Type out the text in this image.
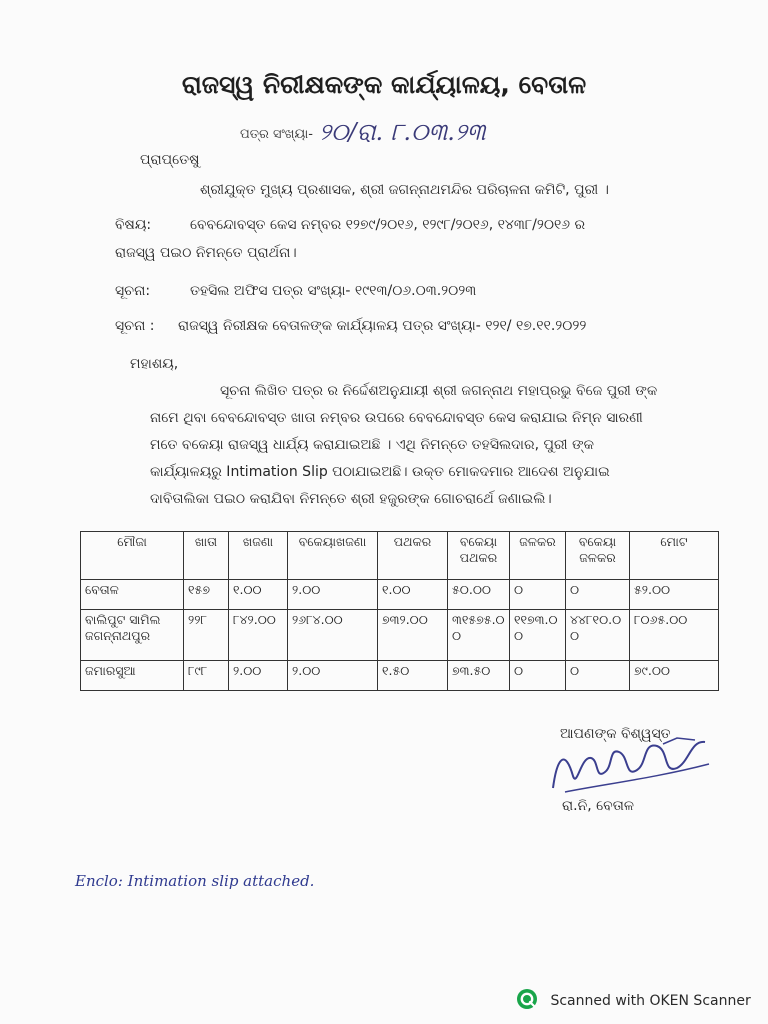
ରାଜସ୍ୱ ନିରୀକ୍ଷକଙ୍କ କାର୍ଯ୍ୟାଳୟ, ବେତାଳ
ପତ୍ର ସଂଖ୍ୟା- ୨୦/ରା. ୮.୦୩.୨୩
ପ୍ରାପ୍ତେଷୁ
ଶ୍ରୀଯୁକ୍ତ ମୁଖ୍ୟ ପ୍ରଶାସକ, ଶ୍ରୀ ଜଗନ୍ନାଥମନ୍ଦିର ପରିଚାଳନା କମିଟି, ପୁରୀ ।
ବିଷୟ:	ବେବନ୍ଦୋବସ୍ତ କେସ ନମ୍ବର ୧୨୭୯/୨୦୧୬, ୧୨୯୮/୨୦୧୬, ୧୪୩୮/୨୦୧୬ ର
ରାଜସ୍ୱ ପଇଠ ନିମନ୍ତେ ପ୍ରାର୍ଥନା।
ସୂଚନା:	ତହସିଲ ଅଫିସ ପତ୍ର ସଂଖ୍ୟା- ୧୯୧୩/୦୬.୦୩.୨୦୨୩
ସୂଚନା : ରାଜସ୍ୱ ନିରୀକ୍ଷକ ବେତାଳଙ୍କ କାର୍ଯ୍ୟାଳୟ ପତ୍ର ସଂଖ୍ୟା- ୧୨୧/ ୧୭.୧୧.୨୦୨୨
ମହାଶୟ,
ସୂଚନା ଲିଖିତ ପତ୍ର ର ନିର୍ଦ୍ଦେଶଅନୁଯାୟୀ ଶ୍ରୀ ଜଗନ୍ନାଥ ମହାପ୍ରଭୁ ବିଜେ ପୁରୀ ଙ୍କ
ନାମେ ଥିବା ବେବନ୍ଦୋବସ୍ତ ଖାତା ନମ୍ବର ଉପରେ ବେବନ୍ଦୋବସ୍ତ କେସ କରାଯାଇ ନିମ୍ନ ସାରଣୀ
ମତେ ବକେୟା ରାଜସ୍ୱ ଧାର୍ଯ୍ୟ କରାଯାଇଅଛି । ଏଥି ନିମନ୍ତେ ତହସିଲଦାର, ପୁରୀ ଙ୍କ
କାର୍ଯ୍ୟାଳୟରୁ Intimation Slip ପଠାଯାଇଅଛି। ଉକ୍ତ ମୋକଦମାର ଆଦେଶ ଅନୁଯାଇ
ଦାବିତାଲିକା ପଇଠ କରାଯିବା ନିମନ୍ତେ ଶ୍ରୀ ହଜୁରଙ୍କ ଗୋଚରାର୍ଥେ ଜଣାଇଲି।
ମୌଜା	ଖାତା	ଖଜଣା	ବକେୟାଖଜଣା	ପଥକର	ବକେୟା ପଥକର	ଜଳକର	ବକେୟା ଜଳକର	ମୋଟ
ବେତାଳ	୧୫୭	୧.୦୦	୨.୦୦	୧.୦୦	୫୦.୦୦	୦	୦	୫୨.୦୦
ବାଲିପୁଟ ସାମିଲ ଜଗନ୍ନାଥପୁର	୨୨୮	୮୪୨.୦୦	୨୬୮୪.୦୦	୭୩୨.୦୦	୩୧୫୭୫.୦୦	୧୧୭୩.୦୦	୪୪୮୧୦.୦୦	୮୦୬୫.୦୦
ଜମାରସୁଆ	୮୯୮	୨.୦୦	୨.୦୦	୧.୫୦	୭୩.୫୦	୦	୦	୭୯.୦୦
ଆପଣଙ୍କ ବିଶ୍ୱସ୍ତ
ରା.ନି, ବେତାଳ
Enclo: Intimation slip attached.
Scanned with OKEN Scanner
